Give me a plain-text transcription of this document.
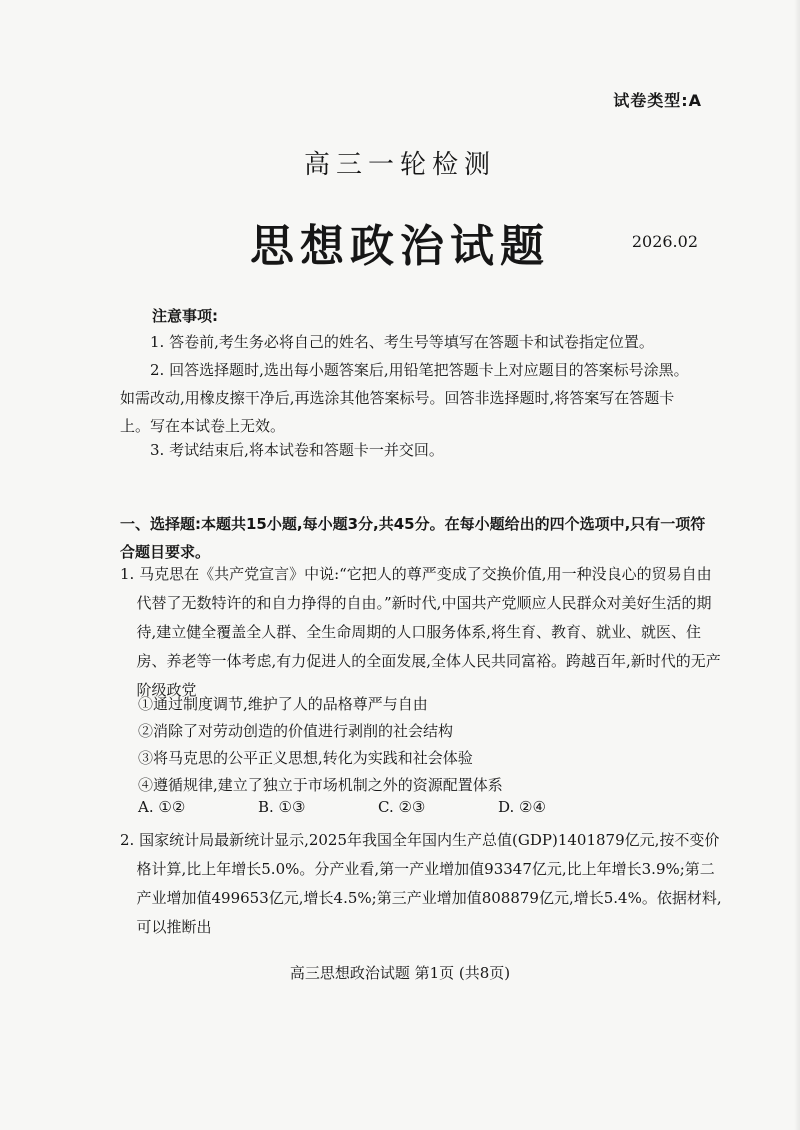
试卷类型:A
高三一轮检测
思想政治试题	2026.02
注意事项:

1. 答卷前,考生务必将自己的姓名、考生号等填写在答题卡和试卷指定位置。

2. 回答选择题时,选出每小题答案后,用铅笔把答题卡上对应题目的答案标号涂黑。如需改动,用橡皮擦干净后,再选涂其他答案标号。回答非选择题时,将答案写在答题卡上。写在本试卷上无效。

3. 考试结束后,将本试卷和答题卡一并交回。

一、选择题:本题共15小题,每小题3分,共45分。在每小题给出的四个选项中,只有一项符合题目要求。

1. 马克思在《共产党宣言》中说:“它把人的尊严变成了交换价值,用一种没良心的贸易自由代替了无数特许的和自力挣得的自由。”新时代,中国共产党顺应人民群众对美好生活的期待,建立健全覆盖全人群、全生命周期的人口服务体系,将生育、教育、就业、就医、住房、养老等一体考虑,有力促进人的全面发展,全体人民共同富裕。跨越百年,新时代的无产阶级政党

①通过制度调节,维护了人的品格尊严与自由

②消除了对劳动创造的价值进行剥削的社会结构

③将马克思的公平正义思想,转化为实践和社会体验

④遵循规律,建立了独立于市场机制之外的资源配置体系

A. ①②	B. ①③	C. ②③	D. ②④

2. 国家统计局最新统计显示,2025年我国全年国内生产总值(GDP)1401879亿元,按不变价格计算,比上年增长5.0%。分产业看,第一产业增加值93347亿元,比上年增长3.9%;第二产业增加值499653亿元,增长4.5%;第三产业增加值808879亿元,增长5.4%。依据材料,可以推断出

高三思想政治试题 第1页 (共8页)
